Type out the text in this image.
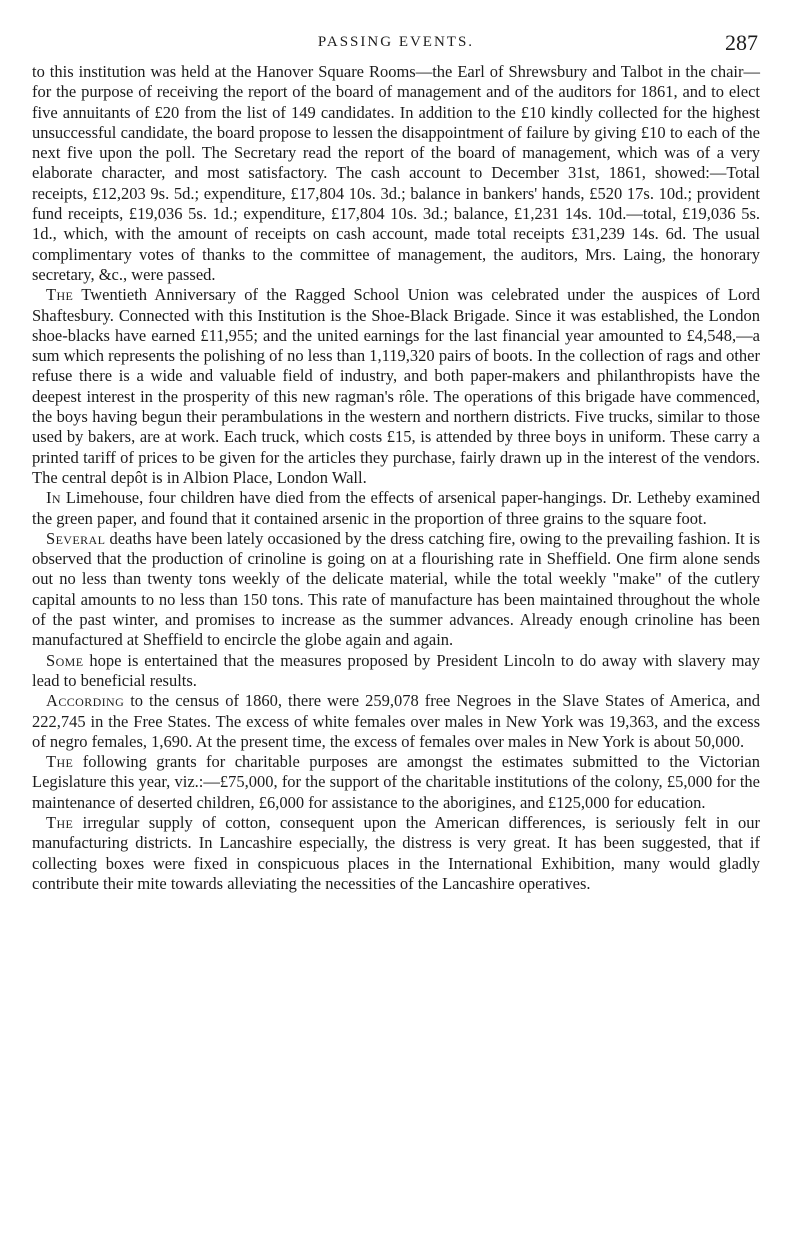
PASSING EVENTS.	287

to this institution was held at the Hanover Square Rooms—the Earl of Shrewsbury and Talbot in the chair—for the purpose of receiving the report of the board of management and of the auditors for 1861, and to elect five annuitants of £20 from the list of 149 candidates. In addition to the £10 kindly collected for the highest unsuccessful candidate, the board propose to lessen the disappointment of failure by giving £10 to each of the next five upon the poll. The Secretary read the report of the board of management, which was of a very elaborate character, and most satisfactory. The cash account to December 31st, 1861, showed:—Total receipts, £12,203 9s. 5d.; expenditure, £17,804 10s. 3d.; balance in bankers' hands, £520 17s. 10d.; provident fund receipts, £19,036 5s. 1d.; expenditure, £17,804 10s. 3d.; balance, £1,231 14s. 10d.—total, £19,036 5s. 1d., which, with the amount of receipts on cash account, made total receipts £31,239 14s. 6d. The usual complimentary votes of thanks to the committee of management, the auditors, Mrs. Laing, the honorary secretary, &c., were passed.

The Twentieth Anniversary of the Ragged School Union was celebrated under the auspices of Lord Shaftesbury. Connected with this Institution is the Shoe-Black Brigade. Since it was established, the London shoe-blacks have earned £11,955; and the united earnings for the last financial year amounted to £4,548,—a sum which represents the polishing of no less than 1,119,320 pairs of boots. In the collection of rags and other refuse there is a wide and valuable field of industry, and both paper-makers and philanthropists have the deepest interest in the prosperity of this new ragman's rôle. The operations of this brigade have commenced, the boys having begun their perambulations in the western and northern districts. Five trucks, similar to those used by bakers, are at work. Each truck, which costs £15, is attended by three boys in uniform. These carry a printed tariff of prices to be given for the articles they purchase, fairly drawn up in the interest of the vendors. The central depôt is in Albion Place, London Wall.

In Limehouse, four children have died from the effects of arsenical paper-hangings. Dr. Letheby examined the green paper, and found that it contained arsenic in the proportion of three grains to the square foot.

Several deaths have been lately occasioned by the dress catching fire, owing to the prevailing fashion. It is observed that the production of crinoline is going on at a flourishing rate in Sheffield. One firm alone sends out no less than twenty tons weekly of the delicate material, while the total weekly "make" of the cutlery capital amounts to no less than 150 tons. This rate of manufacture has been maintained throughout the whole of the past winter, and promises to increase as the summer advances. Already enough crinoline has been manufactured at Sheffield to encircle the globe again and again.

Some hope is entertained that the measures proposed by President Lincoln to do away with slavery may lead to beneficial results.

According to the census of 1860, there were 259,078 free Negroes in the Slave States of America, and 222,745 in the Free States. The excess of white females over males in New York was 19,363, and the excess of negro females, 1,690. At the present time, the excess of females over males in New York is about 50,000.

The following grants for charitable purposes are amongst the estimates submitted to the Victorian Legislature this year, viz.:—£75,000, for the support of the charitable institutions of the colony, £5,000 for the maintenance of deserted children, £6,000 for assistance to the aborigines, and £125,000 for education.

The irregular supply of cotton, consequent upon the American differences, is seriously felt in our manufacturing districts. In Lancashire especially, the distress is very great. It has been suggested, that if collecting boxes were fixed in conspicuous places in the International Exhibition, many would gladly contribute their mite towards alleviating the necessities of the Lancashire operatives.
